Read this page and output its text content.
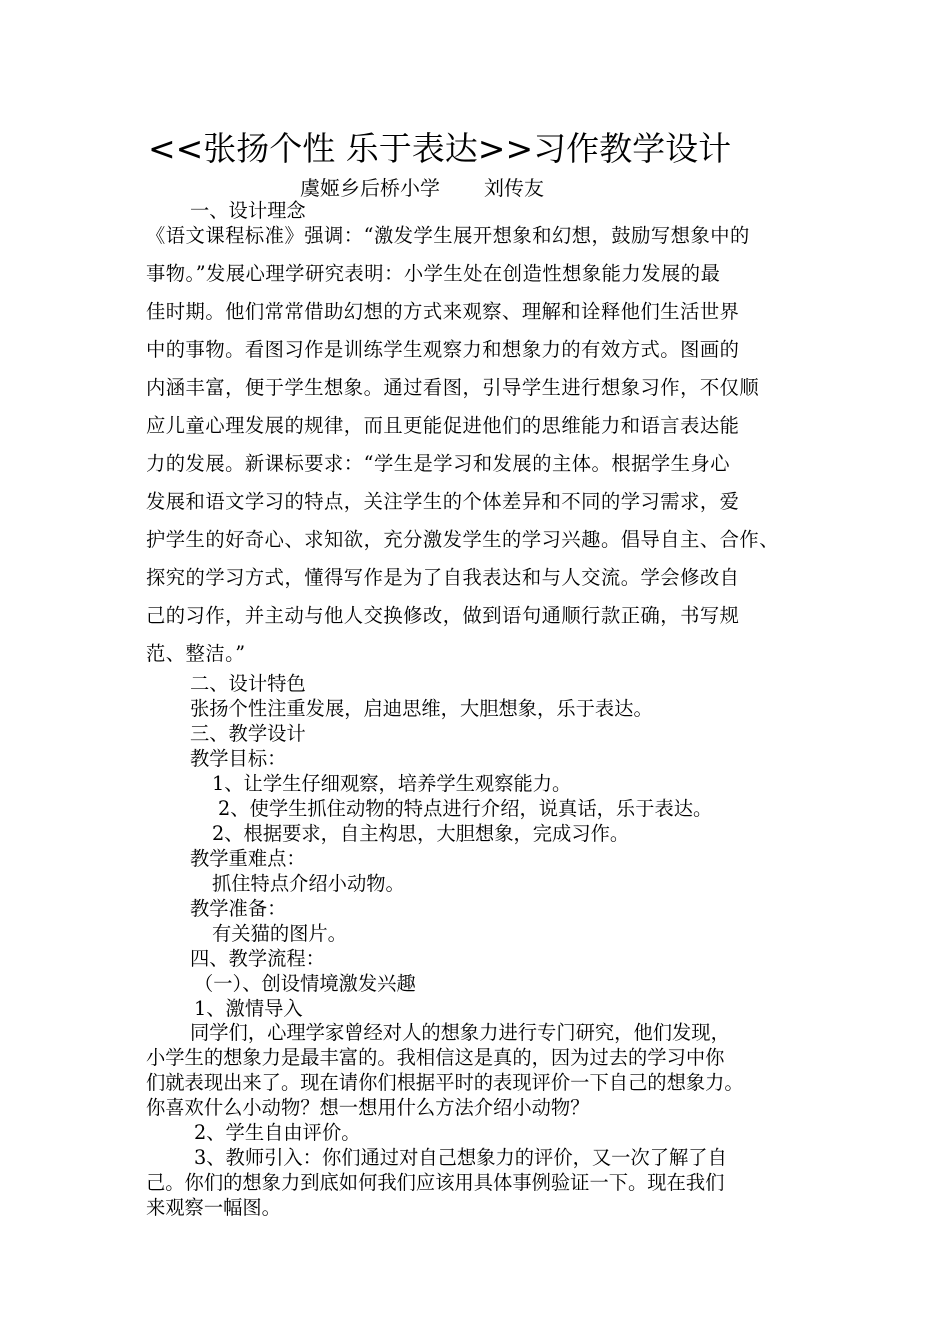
<<张扬个性 乐于表达>>习作教学设计
虞姬乡后桥小学 刘传友
一、设计理念
《语文课程标准》强调：“激发学生展开想象和幻想，鼓励写想象中的
事物。”发展心理学研究表明：小学生处在创造性想象能力发展的最
佳时期。他们常常借助幻想的方式来观察、理解和诠释他们生活世界
中的事物。看图习作是训练学生观察力和想象力的有效方式。图画的
内涵丰富，便于学生想象。通过看图，引导学生进行想象习作，不仅顺
应儿童心理发展的规律，而且更能促进他们的思维能力和语言表达能
力的发展。新课标要求：“学生是学习和发展的主体。根据学生身心
发展和语文学习的特点，关注学生的个体差异和不同的学习需求，爱
护学生的好奇心、求知欲，充分激发学生的学习兴趣。倡导自主、合作、
探究的学习方式，懂得写作是为了自我表达和与人交流。学会修改自
己的习作，并主动与他人交换修改，做到语句通顺行款正确，书写规
范、整洁。”
二、设计特色
张扬个性注重发展，启迪思维，大胆想象，乐于表达。
三、教学设计
教学目标：
1、让学生仔细观察，培养学生观察能力。
2、使学生抓住动物的特点进行介绍，说真话，乐于表达。
2、根据要求，自主构思，大胆想象，完成习作。
教学重难点：
抓住特点介绍小动物。
教学准备：
有关猫的图片。
四、教学流程：
（一）、创设情境激发兴趣
1、激情导入
同学们，心理学家曾经对人的想象力进行专门研究，他们发现，
小学生的想象力是最丰富的。我相信这是真的，因为过去的学习中你
们就表现出来了。现在请你们根据平时的表现评价一下自己的想象力。
你喜欢什么小动物？想一想用什么方法介绍小动物？
2、学生自由评价。
3、教师引入：你们通过对自己想象力的评价，又一次了解了自
己。你们的想象力到底如何我们应该用具体事例验证一下。现在我们
来观察一幅图。
